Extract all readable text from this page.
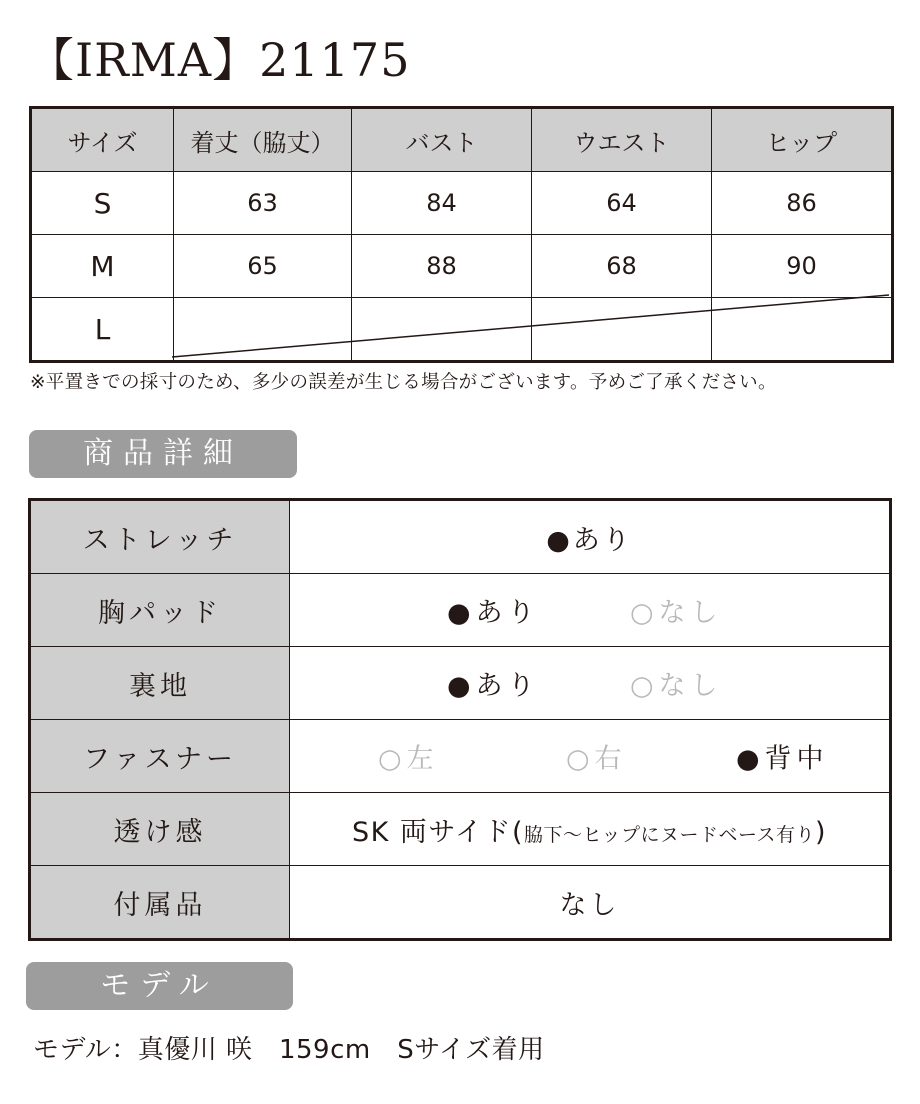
【IRMA】21175
サイズ	着丈（脇丈）	バスト	ウエスト	ヒップ
S	63	84	64	86
M	65	88	68	90
L				
※平置きでの採寸のため、多少の誤差が生じる場合がございます。予めご了承ください。
商品詳細
ストレッチ	●あり
胸パッド	●あり ○なし

裏地	●あり ○なし

ファスナー	○左 ○右 ●背中

透け感	SK 両サイド(脇下〜ヒップにヌードベース有り)
付属品	なし
モデル
モデル：真優川 咲　159cm　Sサイズ着用
